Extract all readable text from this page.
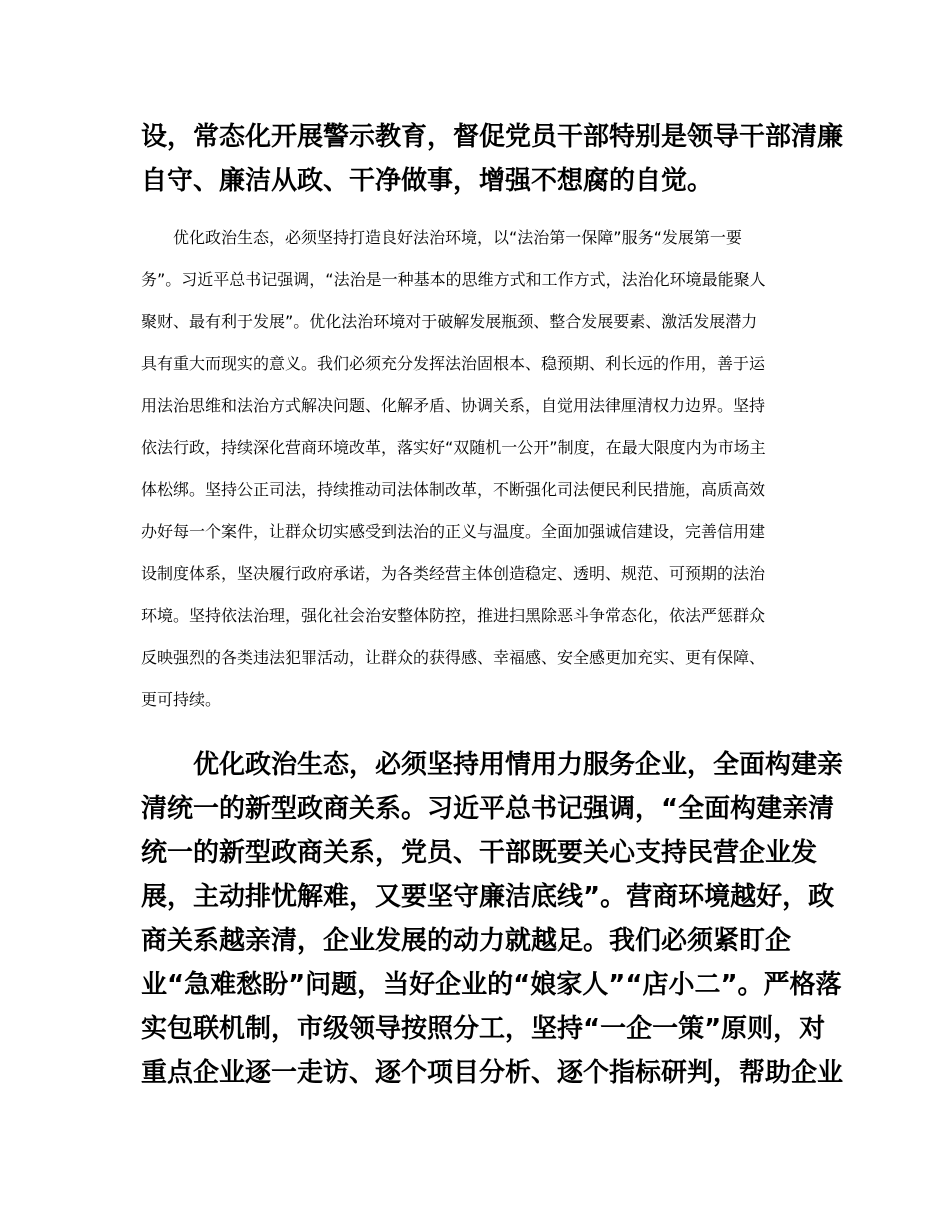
设，常态化开展警示教育，督促党员干部特别是领导干部清廉

自守、廉洁从政、干净做事，增强不想腐的自觉。

　　优化政治生态，必须坚持打造良好法治环境，以“法治第一保障”服务“发展第一要

务”。习近平总书记强调，“法治是一种基本的思维方式和工作方式，法治化环境最能聚人

聚财、最有利于发展”。优化法治环境对于破解发展瓶颈、整合发展要素、激活发展潜力

具有重大而现实的意义。我们必须充分发挥法治固根本、稳预期、利长远的作用，善于运

用法治思维和法治方式解决问题、化解矛盾、协调关系，自觉用法律厘清权力边界。坚持

依法行政，持续深化营商环境改革，落实好“双随机一公开”制度，在最大限度内为市场主

体松绑。坚持公正司法，持续推动司法体制改革，不断强化司法便民利民措施，高质高效

办好每一个案件，让群众切实感受到法治的正义与温度。全面加强诚信建设，完善信用建

设制度体系，坚决履行政府承诺，为各类经营主体创造稳定、透明、规范、可预期的法治

环境。坚持依法治理，强化社会治安整体防控，推进扫黑除恶斗争常态化，依法严惩群众

反映强烈的各类违法犯罪活动，让群众的获得感、幸福感、安全感更加充实、更有保障、

更可持续。

　　优化政治生态，必须坚持用情用力服务企业，全面构建亲

清统一的新型政商关系。习近平总书记强调，“全面构建亲清

统一的新型政商关系，党员、干部既要关心支持民营企业发

展，主动排忧解难，又要坚守廉洁底线”。营商环境越好，政

商关系越亲清，企业发展的动力就越足。我们必须紧盯企

业“急难愁盼”问题，当好企业的“娘家人”“店小二”。严格落

实包联机制，市级领导按照分工，坚持“一企一策”原则，对

重点企业逐一走访、逐个项目分析、逐个指标研判，帮助企业
